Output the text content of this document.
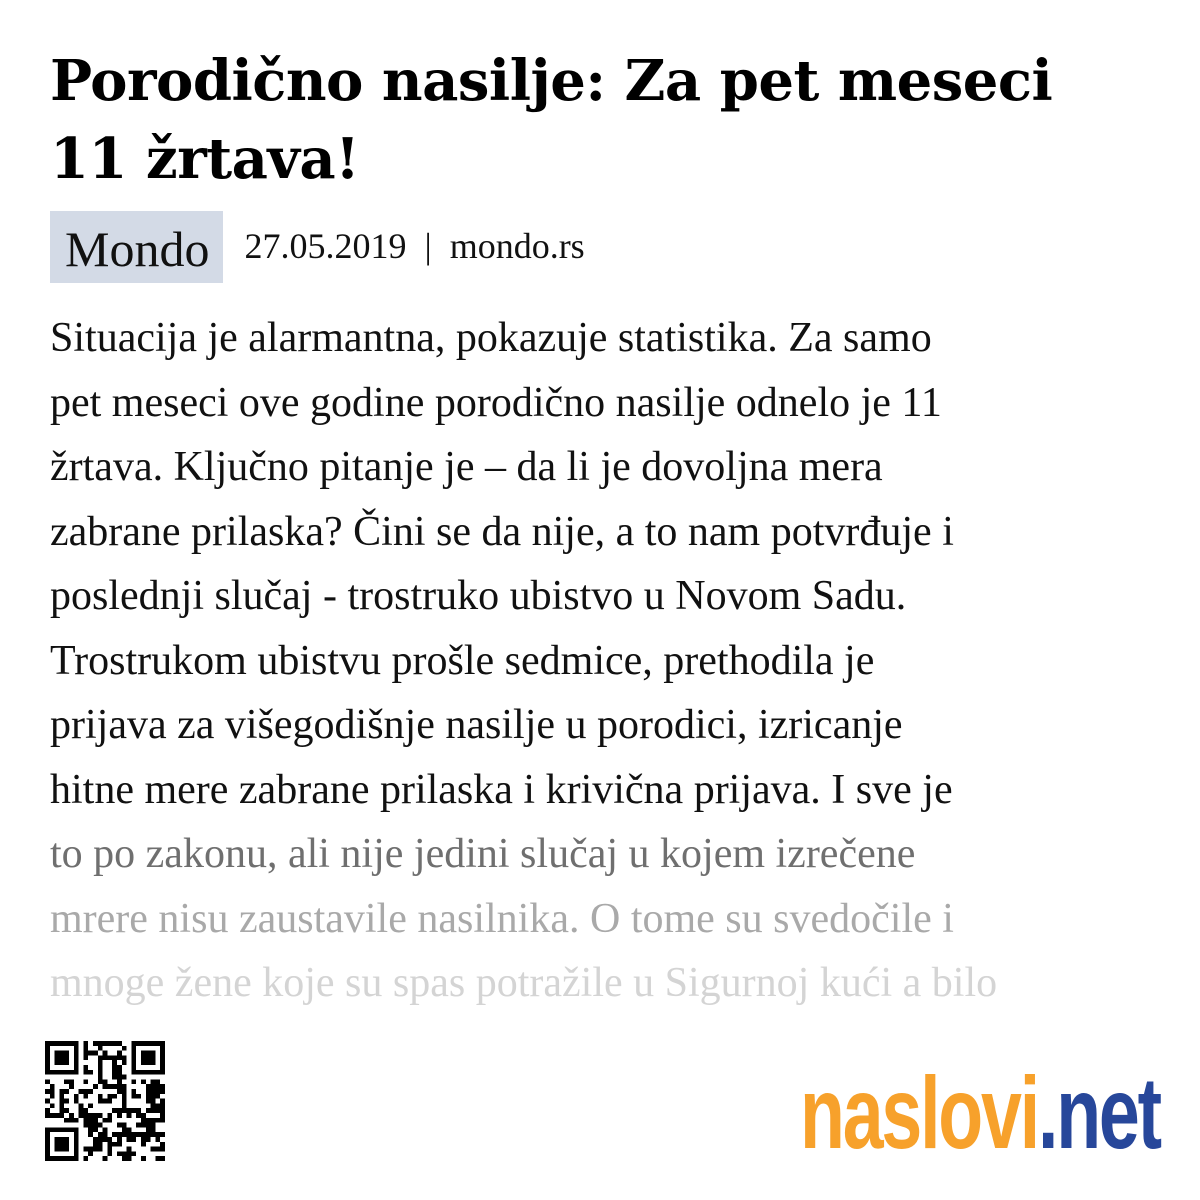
Porodično nasilje: Za pet meseci
11 žrtava!
Mondo 27.05.2019 | mondo.rs
Situacija je alarmantna, pokazuje statistika. Za samo
pet meseci ove godine porodično nasilje odnelo je 11
žrtava. Ključno pitanje je – da li je dovoljna mera
zabrane prilaska? Čini se da nije, a to nam potvrđuje i
poslednji slučaj - trostruko ubistvo u Novom Sadu.
Trostrukom ubistvu prošle sedmice, prethodila je
prijava za višegodišnje nasilje u porodici, izricanje
hitne mere zabrane prilaska i krivična prijava. I sve je
to po zakonu, ali nije jedini slučaj u kojem izrečene
mrere nisu zaustavile nasilnika. O tome su svedočile i
mnoge žene koje su spas potražile u Sigurnoj kući a bilo
naslovi.net
